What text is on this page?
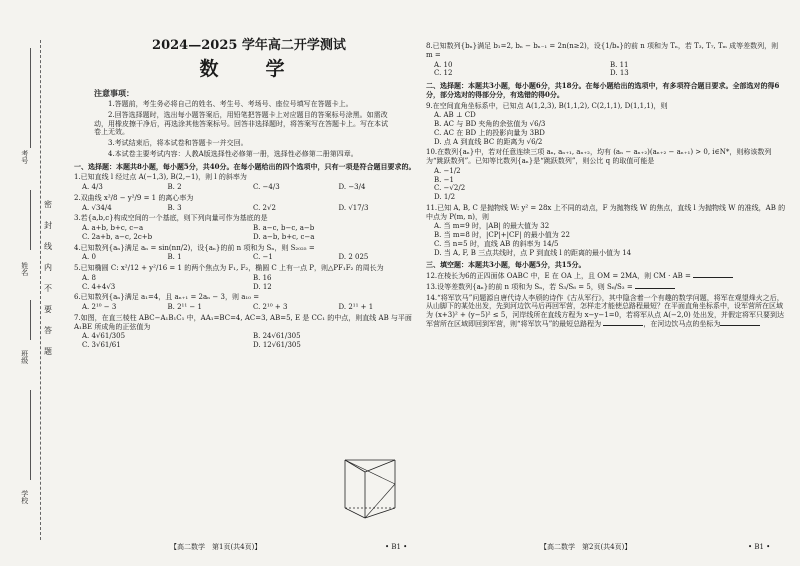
考号
姓名
班级
学校
密
封
线
内
不
要
答
题
2024—2025 学年高二开学测试
数　学
注意事项：

1.答题前，考生务必将自己的姓名、考生号、考场号、座位号填写在答题卡上。

2.回答选择题时，选出每小题答案后，用铅笔把答题卡上对应题目的答案标号涂黑。如需改动，用橡皮擦干净后，再选涂其他答案标号。回答非选择题时，将答案写在答题卡上。写在本试卷上无效。

3.考试结束后，将本试卷和答题卡一并交回。

4.本试卷主要考试内容：人教A版选择性必修第一册，选择性必修第二册第四章。

一、选择题：本题共8小题，每小题5分，共40分。在每小题给出的四个选项中，只有一项是符合题目要求的。
1.已知直线 l 经过点 A(−1,3), B(2,−1)，则 l 的斜率为
A. 4/3	B. 2	C. −4/3	D. −3/4
2.双曲线 x²/8 − y²/9 = 1 的离心率为
A. √34/4	B. 3	C. 2√2	D. √17/3
3.若{a,b,c}构成空间的一个基底，则下列向量可作为基底的是
A. a+b, b+c, c−a	B. a−c, b−c, a−b
C. 2a+b, a−c, 2c+b	D. a−b, b+c, c−a
4.已知数列{aₙ}满足 aₙ = sin(nπ/2)，设{aₙ}的前 n 项和为 Sₙ，则 S₂₀₂₅ =
A. 0	B. 1	C. −1	D. 2 025
5.已知椭圆 C: x²/12 + y²/16 = 1 的两个焦点为 F₁, F₂，椭圆 C 上有一点 P，则△PF₁F₂ 的周长为
A. 8	B. 16
C. 4+4√3	D. 12
6.已知数列{aₙ}满足 a₁=4，且 aₙ₊₁ = 2aₙ − 3，则 a₁₀ =
A. 2¹⁰ − 3	B. 2¹¹ − 1	C. 2¹⁰ + 3	D. 2¹¹ + 1
7.如图，在直三棱柱 ABC−A₁B₁C₁ 中，AA₁=BC=4, AC=3, AB=5, E 是 CC₁ 的中点，则直线 AB 与平面 A₁BE 所成角的正弦值为
A. 4√61/305	B. 24√61/305
C. 3√61/61	D. 12√61/305
8.已知数列{bₙ}满足 b₁=2, bₙ − bₙ₋₁ = 2n(n≥2)，设{1/bₙ}的前 n 项和为 Tₙ，若 T₃, T₇, Tₘ 成等差数列，则 m =
A. 10	B. 11
C. 12	D. 13
二、选择题：本题共3小题，每小题6分，共18分。在每小题给出的选项中，有多项符合题目要求。全部选对的得6分，部分选对的得部分分，有选错的得0分。
9.在空间直角坐标系中，已知点 A(1,2,3), B(1,1,2), C(2,1,1), D(1,1,1)，则
A. AB ⊥ CD
B. AC 与 BD 夹角的余弦值为 √6/3
C. AC 在 BD 上的投影向量为 3BD
D. 点 A 到直线 BC 的距离为 √6/2
10.在数列{aₙ}中，若对任意连续三项 aₙ, aₙ₊₁, aₙ₊₂，均有 (aₙ − aₙ₊₂)(aₙ₊₂ − aₙ₊₁) > 0, i∈N*，则称该数列为“跳跃数列”。已知等比数列{aₙ}是“跳跃数列”，则公比 q 的取值可能是
A. −1/2
B. −1
C. −√2/2
D. 1/2
11.已知 A, B, C 是抛物线 W: y² = 28x 上不同的动点，F 为抛物线 W 的焦点，直线 l 为抛物线 W 的准线，AB 的中点为 P(m, n)，则
A. 当 m=9 时，|AB| 的最大值为 32
B. 当 m=8 时，|CP|+|CF| 的最小值为 22
C. 当 n=5 时，直线 AB 的斜率为 14/5
D. 当 A, F, B 三点共线时，点 P 到直线 l 的距离的最小值为 14
三、填空题：本题共3小题，每小题5分，共15分。
12.在棱长为6的正四面体 OABC 中，E 在 OA 上，且 OM = 2MA，则 CM · AB =
13.设等差数列{aₙ}的前 n 项和为 Sₙ，若 S₃/S₆ = 5，则 S₆/S₃ =
14.“将军饮马”问题源自唐代诗人李颀的诗作《古从军行》，其中隐含着一个有趣的数学问题，将军在观望烽火之后，从山脚下的某处出发，先到河边饮马后再回军营，怎样走才能使总路程最短？在平面直角坐标系中，设军营所在区域为 (x+3)² + (y−5)² ≤ 5，河岸线所在直线方程为 x−y−1=0，若将军从点 A(−2,0) 处出发，并假定将军只要到达军营所在区域即回到军营，则“将军饮马”的最短总路程为	，在河边饮马点的坐标为
【高二数学　第1页(共4页)】	• B1 •	【高二数学　第2页(共4页)】	• B1 •
